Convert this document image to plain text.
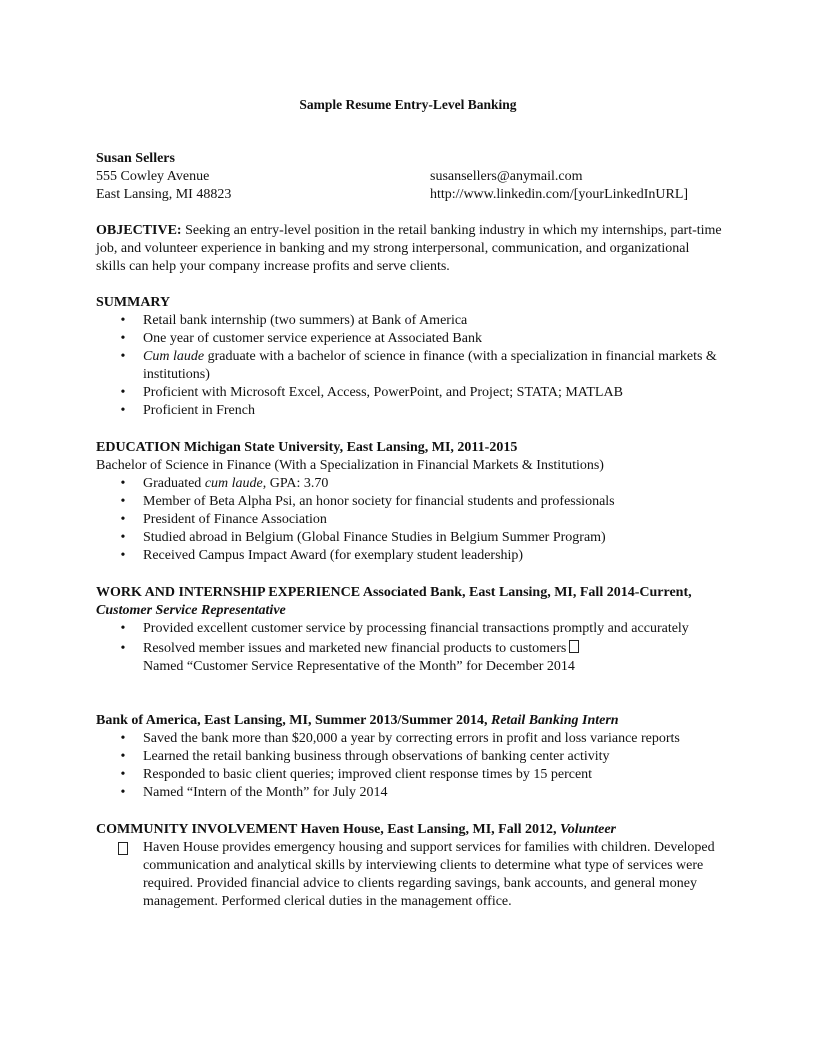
Sample Resume Entry-Level Banking
Susan Sellers
555 Cowley Avenue	susansellers@anymail.com
East Lansing, MI 48823	http://www.linkedin.com/[yourLinkedInURL]
OBJECTIVE: Seeking an entry-level position in the retail banking industry in which my internships, part-time job, and volunteer experience in banking and my strong interpersonal, communication, and organizational skills can help your company increase profits and serve clients.
SUMMARY
• Retail bank internship (two summers) at Bank of America
• One year of customer service experience at Associated Bank
• Cum laude graduate with a bachelor of science in finance (with a specialization in financial markets & institutions)
• Proficient with Microsoft Excel, Access, PowerPoint, and Project; STATA; MATLAB
• Proficient in French
EDUCATION Michigan State University, East Lansing, MI, 2011-2015
Bachelor of Science in Finance (With a Specialization in Financial Markets & Institutions)
• Graduated cum laude, GPA: 3.70
• Member of Beta Alpha Psi, an honor society for financial students and professionals
• President of Finance Association
• Studied abroad in Belgium (Global Finance Studies in Belgium Summer Program)
• Received Campus Impact Award (for exemplary student leadership)
WORK AND INTERNSHIP EXPERIENCE Associated Bank, East Lansing, MI, Fall 2014-Current,
Customer Service Representative
• Provided excellent customer service by processing financial transactions promptly and accurately
• Resolved member issues and marketed new financial products to customers
Named “Customer Service Representative of the Month” for December 2014
Bank of America, East Lansing, MI, Summer 2013/Summer 2014, Retail Banking Intern
• Saved the bank more than $20,000 a year by correcting errors in profit and loss variance reports
• Learned the retail banking business through observations of banking center activity
• Responded to basic client queries; improved client response times by 15 percent
• Named “Intern of the Month” for July 2014
COMMUNITY INVOLVEMENT Haven House, East Lansing, MI, Fall 2012, Volunteer
Haven House provides emergency housing and support services for families with children. Developed communication and analytical skills by interviewing clients to determine what type of services were required. Provided financial advice to clients regarding savings, bank accounts, and general money management. Performed clerical duties in the management office.
